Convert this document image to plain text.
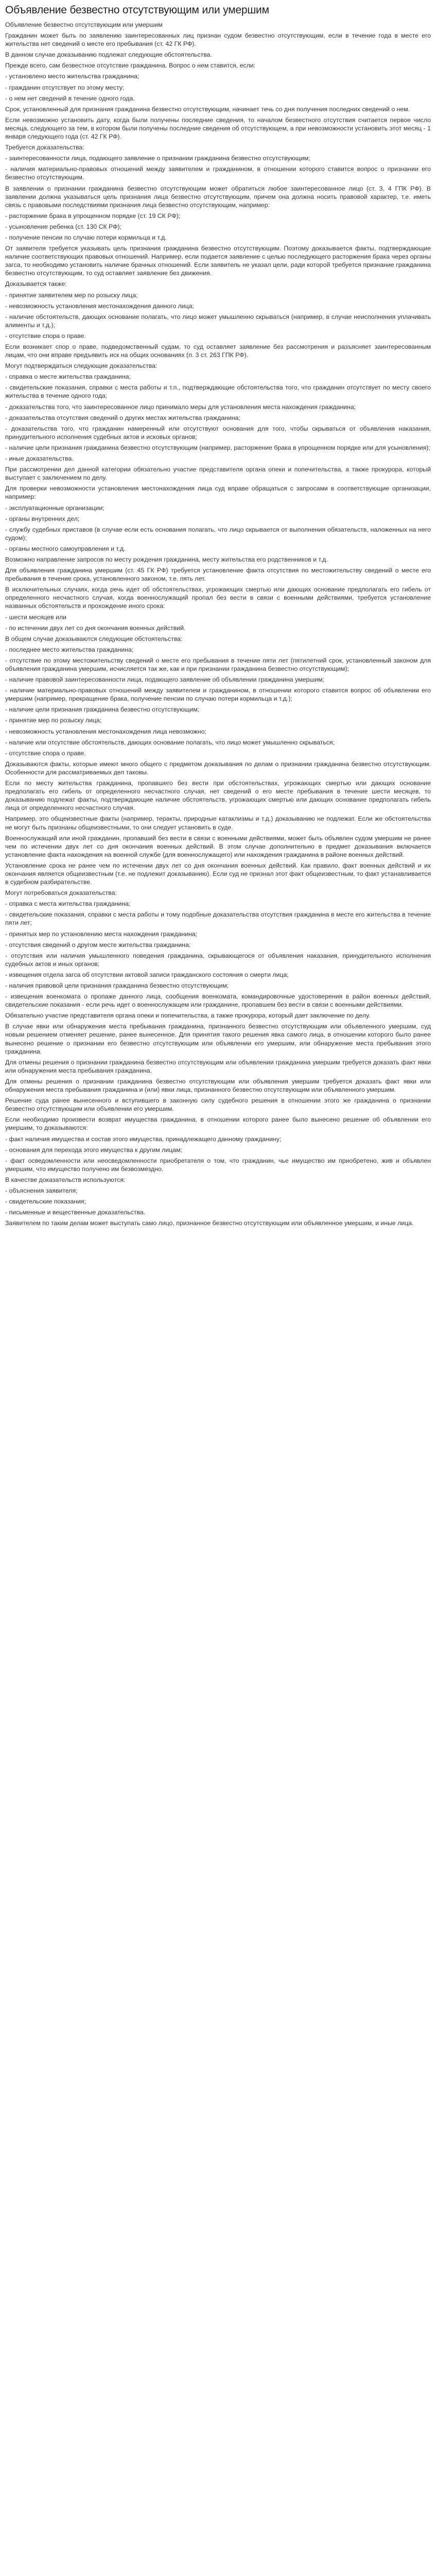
Объявление безвестно отсутствующим или умершим

Объявление безвестно отсутствующим или умершим

Гражданин может быть по заявлению заинтересованных лиц признан судом безвестно отсутствующим, если в течение года в месте его жительства нет сведений о месте его пребывания (ст. 42 ГК РФ).

В данном случае доказыванию подлежат следующие обстоятельства.

Прежде всего, сам безвестное отсутствие гражданина. Вопрос о нем ставится, если:

- установлено место жительства гражданина;

- гражданин отсутствует по этому месту;

- о нем нет сведений в течение одного года.

Срок, установленный для признания гражданина безвестно отсутствующим, начинает течь со дня получения последних сведений о нем.

Если невозможно установить дату, когда были получены последние сведения, то началом безвестного отсутствия считается первое число месяца, следующего за тем, в котором были получены последние сведения об отсутствующем, а при невозможности установить этот месяц - 1 января следующего года (ст. 42 ГК РФ).

Требуется доказательства:

- заинтересованности лица, подающего заявление о признании гражданина безвестно отсутствующим;

- наличия материально-правовых отношений между заявителем и гражданином, в отношении которого ставится вопрос о признании его безвестно отсутствующим.

В заявлении о признании гражданина безвестно отсутствующим может обратиться любое заинтересованное лицо (ст. 3, 4 ГПК РФ). В заявлении должна указываться цель признания лица безвестно отсутствующим, причем она должна носить правовой характер, т.е. иметь связь с правовыми последствиями признания лица безвестно отсутствующим, например:

- расторжение брака в упрощенном порядке (ст. 19 СК РФ);

- усыновление ребенка (ст. 130 СК РФ);

- получение пенсии по случаю потери кормильца и т.д.

От заявителя требуется указывать цель признания гражданина безвестно отсутствующим. Поэтому доказывается факты, подтверждающие наличие соответствующих правовых отношений. Например, если подается заявление с целью последующего расторжения брака через органы загса, то необходимо установить наличие брачных отношений. Если заявитель не указал цели, ради которой требуется признание гражданина безвестно отсутствующим, то суд оставляет заявление без движения.

Доказывается также:

- принятие заявителем мер по розыску лица;

- невозможность установления местонахождения данного лица;

- наличие обстоятельств, дающих основание полагать, что лицо может умышленно скрываться (например, в случае неисполнения уплачивать алименты и т.д.);

- отсутствие спора о праве.

Если возникает спор о праве, подведомственный судам, то суд оставляет заявление без рассмотрения и разъясняет заинтересованным лицам, что они вправе предъявить иск на общих основаниях (п. 3 ст. 263 ГПК РФ).

Могут подтверждаться следующие доказательства:

- справка о месте жительства гражданина;

- свидетельские показания, справки с места работы и т.п., подтверждающие обстоятельства того, что гражданин отсутствует по месту своего жительства в течение одного года;

- доказательства того, что заинтересованное лицо принимало меры для установления места нахождения гражданина;

- доказательства отсутствия сведений о других местах жительства гражданина;

- доказательства того, что гражданин намеренный или отсутствуют основания для того, чтобы скрываться от объявления наказания, принудительного исполнения судебных актов и исковых органов;

- наличие цели признания гражданина безвестно отсутствующим (например, расторжение брака в упрощенном порядке или для усыновления);

- иные доказательства.

При рассмотрении дел данной категории обязательно участие представителя органа опеки и попечительства, а также прокурора, который выступает с заключением по делу.

Для проверки невозможности установления местонахождения лица суд вправе обращаться с запросами в соответствующие организации, например:

- эксплуатационные организации;

- органы внутренних дел;

- службу судебных приставов (в случае если есть основания полагать, что лицо скрывается от выполнения обязательств, наложенных на него судом);

- органы местного самоуправления и т.д.

Возможно направление запросов по месту рождения гражданина, месту жительства его родственников и т.д.

Для объявления гражданина умершим (ст. 45 ГК РФ) требуется установление факта отсутствия по местожительству сведений о месте его пребывания в течение срока, установленного законом, т.е. пять лет.

В исключительных случаях, когда речь идет об обстоятельствах, угрожающих смертью или дающих основание предполагать его гибель от определенного несчастного случая, когда военнослужащий пропал без вести в связи с военными действиями, требуется установление названных обстоятельств и прохождение иного срока:

- шести месяцев или

- по истечении двух лет со дня окончания военных действий.

В общем случае доказываются следующие обстоятельства:

- последнее место жительства гражданина;

- отсутствие по этому местожительству сведений о месте его пребывания в течение пяти лет (пятилетний срок, установленный законом для объявления гражданина умершим, исчисляется так же, как и при признании гражданина безвестно отсутствующим);

- наличие правовой заинтересованности лица, подающего заявление об объявлении гражданина умершим;

- наличие материально-правовых отношений между заявителем и гражданином, в отношении которого ставится вопрос об объявлении его умершим (например, прекращение брака, получение пенсии по случаю потери кормильца и т.д.);

- наличие цели признания гражданина безвестно отсутствующим;

- принятие мер по розыску лица;

- невозможность установления местонахождения лица невозможно;

- наличие или отсутствие обстоятельств, дающих основание полагать, что лицо может умышленно скрываться;

- отсутствие спора о праве.

Доказываются факты, которые имеют много общего с предметом доказывания по делам о признании гражданина безвестно отсутствующим. Особенности для рассматриваемых дел таковы.

Если по месту жительства гражданина, пропавшего без вести при обстоятельствах, угрожающих смертью или дающих основание предполагать его гибель от определенного несчастного случая, нет сведений о его месте пребывания в течение шести месяцев, то доказыванию подлежат факты, подтверждающие наличие обстоятельств, угрожающих смертью или дающих основание предполагать гибель лица от определенного несчастного случая.

Например, это общеизвестные факты (например, теракты, природные катаклизмы и т.д.) доказыванию не подлежат. Если же обстоятельства не могут быть признаны общеизвестными, то они следует установить в суде.

Военнослужащий или иной гражданин, пропавший без вести в связи с военными действиями, может быть объявлен судом умершим не ранее чем по истечении двух лет со дня окончания военных действий. В этом случае дополнительно в предмет доказывания включается установление факта нахождения на военной службе (для военнослужащего) или нахождения гражданина в районе военных действий.

Установление срока не ранее чем по истечении двух лет со дня окончания военных действий. Как правило, факт военных действий и их окончания является общеизвестным (т.е. не подлежит доказыванию). Если суд не признал этот факт общеизвестным, то факт устанавливается в судебном разбирательстве.

Могут потребоваться доказательства:

- справка с места жительства гражданина;

- свидетельские показания, справки с места работы и тому подобные доказательства отсутствия гражданина в месте его жительства в течение пяти лет;

- принятых мер по установлению места нахождения гражданина;

- отсутствия сведений о другом месте жительства гражданина;

- отсутствия или наличия умышленного поведения гражданина, скрывающегося от объявления наказания, принудительного исполнения судебных актов и иных органов;

- извещения отдела загса об отсутствии актовой записи гражданского состояния о смерти лица;

- наличия правовой цели признания гражданина безвестно отсутствующим;

- извещения военкомата о пропаже данного лица, сообщения военкомата, командировочные удостоверения в район военных действий, свидетельские показания - если речь идет о военнослужащем или гражданине, пропавшем без вести в связи с военными действиями.

Обязательно участие представителя органа опеки и попечительства, а также прокурора, который дает заключение по делу.

В случае явки или обнаружения места пребывания гражданина, признанного безвестно отсутствующим или объявленного умершим, суд новым решением отменяет решение, ранее вынесенное. Для принятия такого решения явка самого лица, в отношении которого было ранее вынесено решение о признании его безвестно отсутствующим или объявлении его умершим, или обнаружение места пребывания этого гражданина.

Для отмены решения о признании гражданина безвестно отсутствующим или объявлении гражданина умершим требуется доказать факт явки или обнаружения места пребывания гражданина.

Для отмены решения о признании гражданина безвестно отсутствующим или объявления умершим требуется доказать факт явки или обнаружения места пребывания гражданина и (или) явки лица, признанного безвестно отсутствующим или объявленного умершим.

Решение суда ранее вынесенного и вступившего в законную силу судебного решения в отношении этого же гражданина о признании безвестно отсутствующим или объявлении его умершим.

Если необходимо произвести возврат имущества гражданина, в отношении которого ранее было вынесено решение об объявлении его умершим, то доказываются:

- факт наличия имущества и состав этого имущества, принадлежащего данному гражданину;

- основания для перехода этого имущества к другим лицам;

- факт осведомленности или неосведомленности приобретателя о том, что гражданин, чье имущество им приобретено, жив и объявлен умершим, что имущество получено им безвозмездно.

В качестве доказательств используются:

- объяснения заявителя;

- свидетельские показания;

- письменные и вещественные доказательства.

Заявителем по таким делам может выступать само лицо, признанное безвестно отсутствующим или объявленное умершим, и иные лица.
